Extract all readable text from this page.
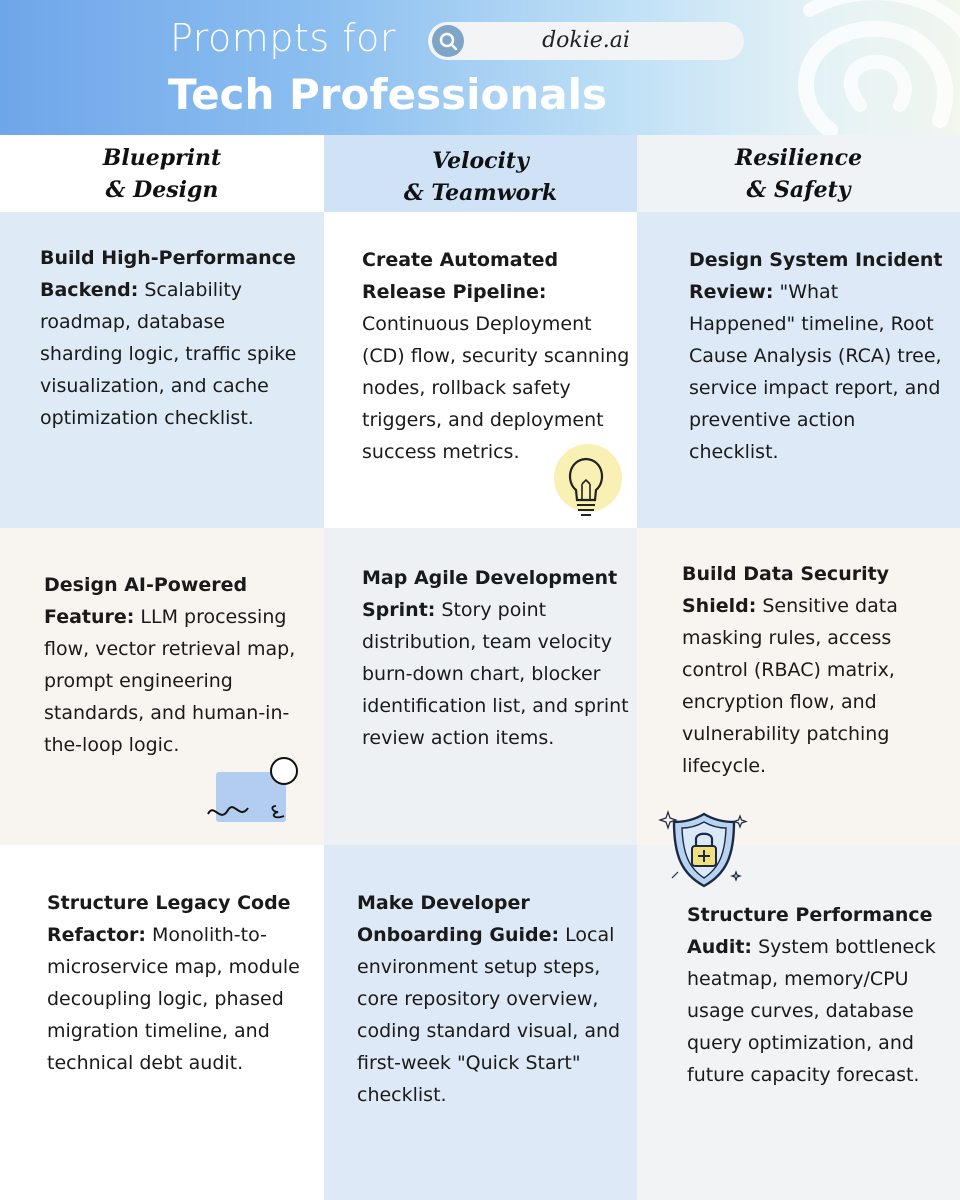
Prompts for
Tech Professionals
dokie.ai
Blueprint
& Design
Velocity
& Teamwork
Resilience
& Safety
Build High-Performance Backend: Scalability roadmap, database sharding logic, traffic spike visualization, and cache optimization checklist.
Create Automated Release Pipeline: Continuous Deployment (CD) flow, security scanning nodes, rollback safety triggers, and deployment success metrics.
Design System Incident Review: "What Happened" timeline, Root Cause Analysis (RCA) tree, service impact report, and preventive action checklist.
Design AI-Powered Feature: LLM processing flow, vector retrieval map, prompt engineering standards, and human-in-the-loop logic.
Map Agile Development Sprint: Story point distribution, team velocity burn-down chart, blocker identification list, and sprint review action items.
Build Data Security Shield: Sensitive data masking rules, access control (RBAC) matrix, encryption flow, and vulnerability patching lifecycle.
Structure Legacy Code Refactor: Monolith-to-microservice map, module decoupling logic, phased migration timeline, and technical debt audit.
Make Developer Onboarding Guide: Local environment setup steps, core repository overview, coding standard visual, and first-week "Quick Start" checklist.
Structure Performance Audit: System bottleneck heatmap, memory/CPU usage curves, database query optimization, and future capacity forecast.
